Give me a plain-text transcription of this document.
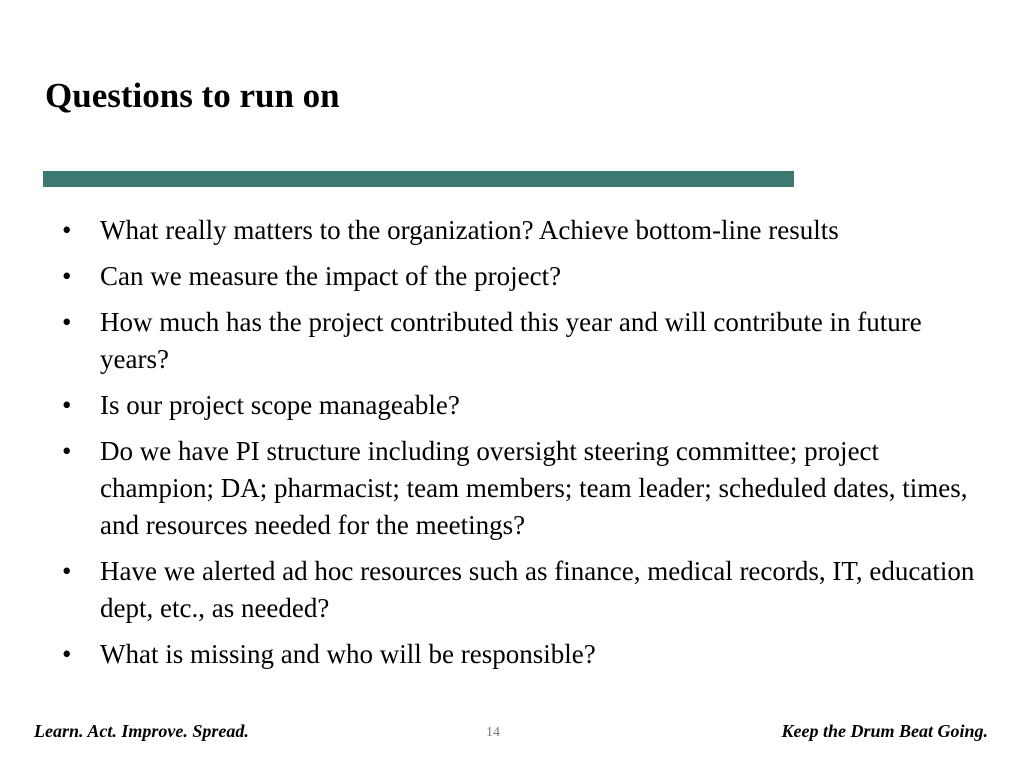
Questions to run on
• What really matters to the organization? Achieve bottom-line results
• Can we measure the impact of the project?
• How much has the project contributed this year and will contribute in future years?
• Is our project scope manageable?
• Do we have PI structure including oversight steering committee; project champion; DA; pharmacist; team members; team leader; scheduled dates, times, and resources needed for the meetings?
• Have we alerted ad hoc resources such as finance, medical records, IT, education dept, etc., as needed?
• What is missing and who will be responsible?
Learn. Act. Improve. Spread.	14	Keep the Drum Beat Going.
